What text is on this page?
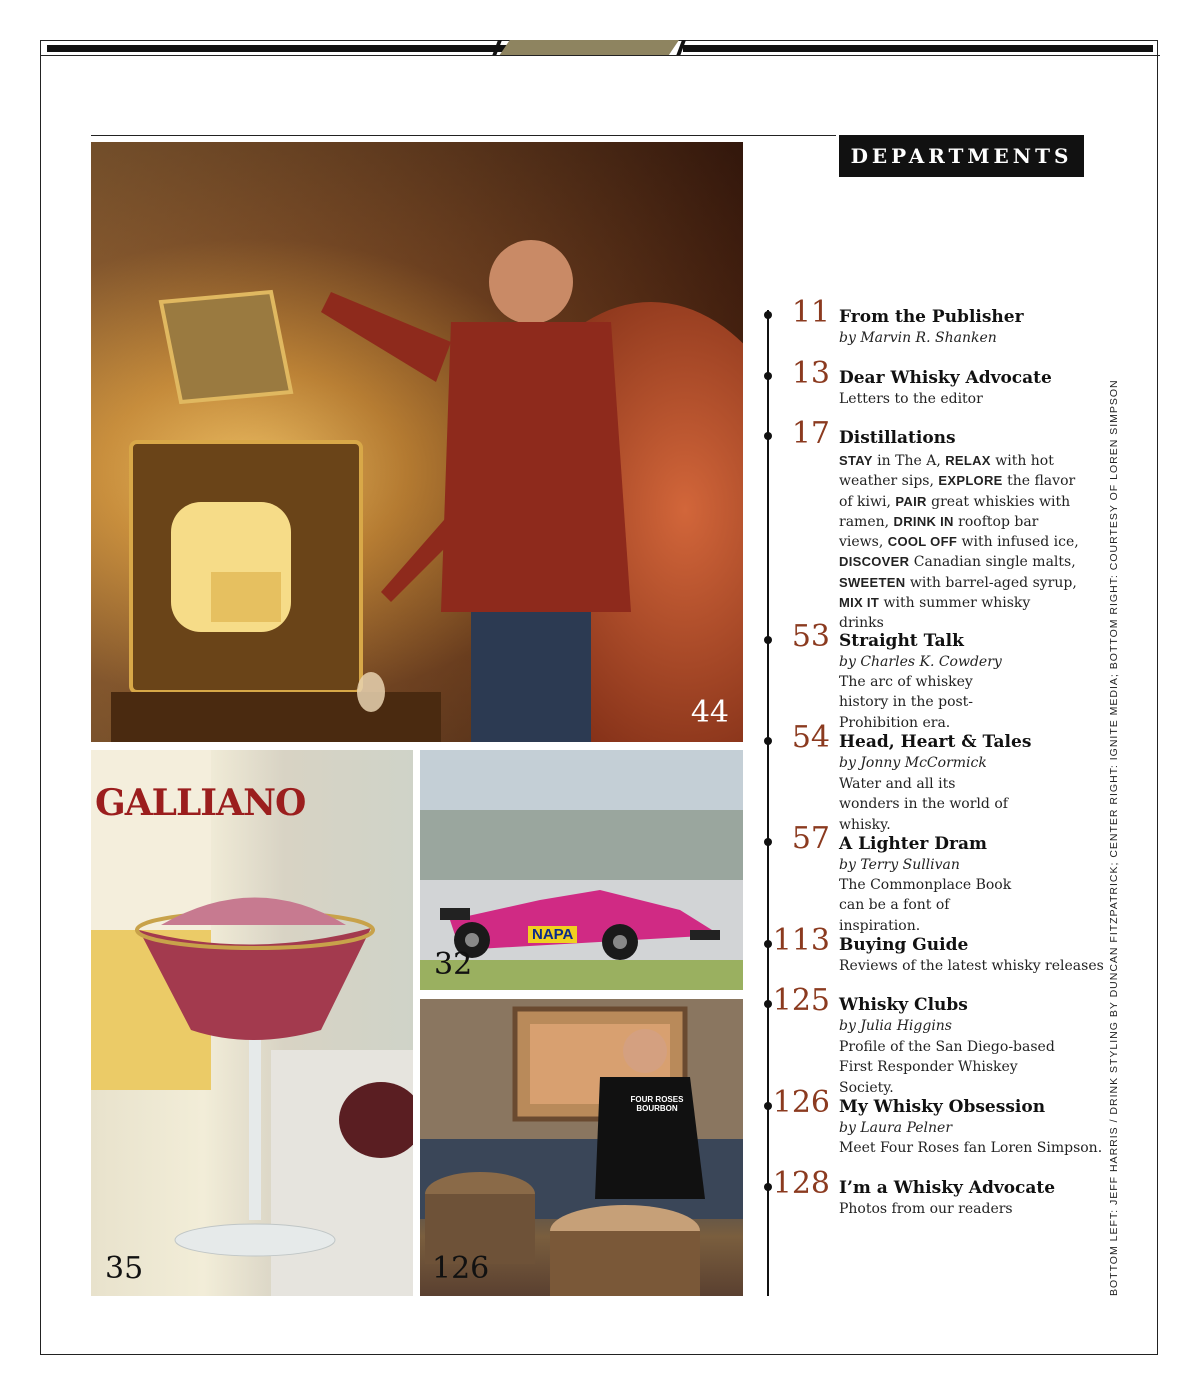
44
GALLIANO
35
NAPA
32
FOUR ROSES BOURBON
126
DEPARTMENTS
11 From the Publisher
by Marvin R. Shanken
13 Dear Whisky Advocate
Letters to the editor
17 Distillations
STAY in The A, RELAX with hot weather sips, EXPLORE the flavor of kiwi, PAIR great whiskies with ramen, DRINK IN rooftop bar views, COOL OFF with infused ice, DISCOVER Canadian single malts, SWEETEN with barrel-aged syrup, MIX IT with summer whisky drinks
53 Straight Talk
by Charles K. Cowdery
The arc of whiskey history in the post-Prohibition era.
54 Head, Heart & Tales
by Jonny McCormick
Water and all its wonders in the world of whisky.
57 A Lighter Dram
by Terry Sullivan
The Commonplace Book can be a font of inspiration.
113 Buying Guide
Reviews of the latest whisky releases
125 Whisky Clubs
by Julia Higgins
Profile of the San Diego-based First Responder Whiskey Society.
126 My Whisky Obsession
by Laura Pelner
Meet Four Roses fan Loren Simpson.
128 I’m a Whisky Advocate
Photos from our readers	BOTTOM LEFT: JEFF HARRIS / DRINK STYLING BY DUNCAN FITZPATRICK; CENTER RIGHT: IGNITE MEDIA; BOTTOM RIGHT: COURTESY OF LOREN SIMPSON
